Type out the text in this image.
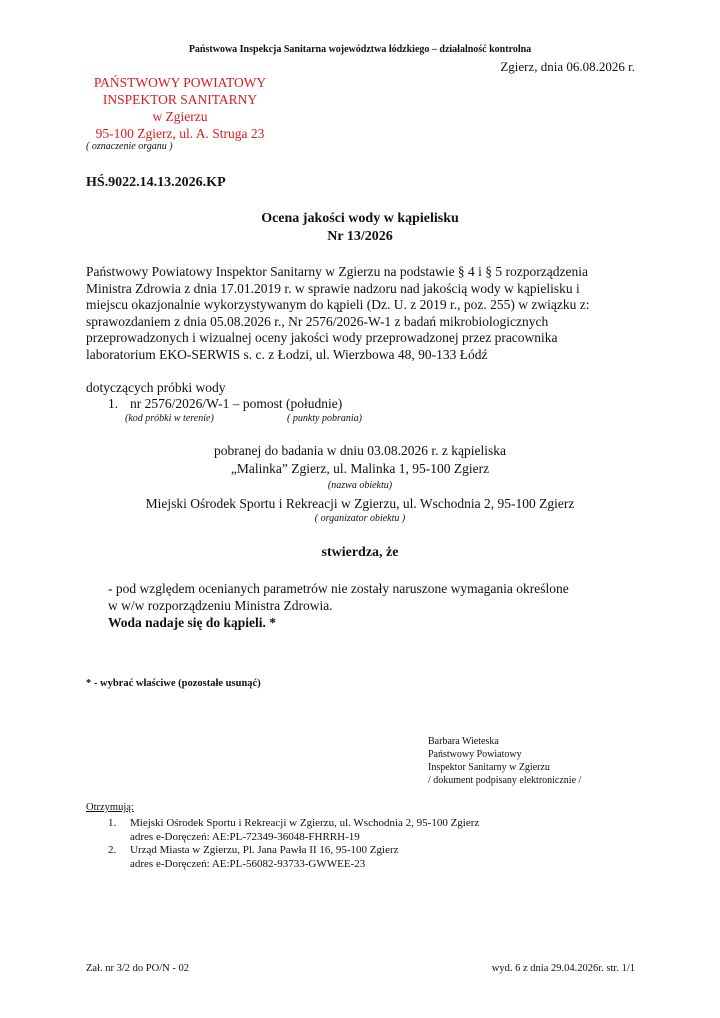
Państwowa Inspekcja Sanitarna województwa łódzkiego – działalność kontrolna
Zgierz, dnia 06.08.2026 r.
PAŃSTWOWY POWIATOWY
INSPEKTOR SANITARNY
w Zgierzu
95-100 Zgierz, ul. A. Struga 23
( oznaczenie organu )
HŚ.9022.14.13.2026.KP
Ocena jakości wody w kąpielisku
Nr 13/2026
Państwowy Powiatowy Inspektor Sanitarny w Zgierzu na podstawie § 4 i § 5 rozporządzenia
Ministra Zdrowia z dnia 17.01.2019 r. w sprawie nadzoru nad jakością wody w kąpielisku i
miejscu okazjonalnie wykorzystywanym do kąpieli (Dz. U. z 2019 r., poz. 255) w związku z:
sprawozdaniem z dnia 05.08.2026 r., Nr 2576/2026-W-1 z badań mikrobiologicznych
przeprowadzonych i wizualnej oceny jakości wody przeprowadzonej przez pracownika
laboratorium EKO-SERWIS s. c. z Łodzi, ul. Wierzbowa 48, 90-133 Łódź
dotyczących próbki wody
1. nr 2576/2026/W-1 – pomost (południe)
(kod próbki w terenie)	( punkty pobrania)
pobranej do badania w dniu 03.08.2026 r. z kąpieliska
„Malinka” Zgierz, ul. Malinka 1, 95-100 Zgierz
(nazwa obiektu)
Miejski Ośrodek Sportu i Rekreacji w Zgierzu, ul. Wschodnia 2, 95-100 Zgierz
( organizator obiektu )
stwierdza, że
- pod względem ocenianych parametrów nie zostały naruszone wymagania określone
w w/w rozporządzeniu Ministra Zdrowia.
Woda nadaje się do kąpieli. *
* - wybrać właściwe (pozostałe usunąć)
Barbara Wieteska
Państwowy Powiatowy
Inspektor Sanitarny w Zgierzu
/ dokument podpisany elektronicznie /
Otrzymują:
1.	Miejski Ośrodek Sportu i Rekreacji w Zgierzu, ul. Wschodnia 2, 95-100 Zgierz
adres e-Doręczeń: AE:PL-72349-36048-FHRRH-19
2.	Urząd Miasta w Zgierzu, Pl. Jana Pawła II 16, 95-100 Zgierz
adres e-Doręczeń: AE:PL-56082-93733-GWWEE-23
Zał. nr 3/2 do PO/N - 02	wyd. 6 z dnia 29.04.2026r. str. 1/1
